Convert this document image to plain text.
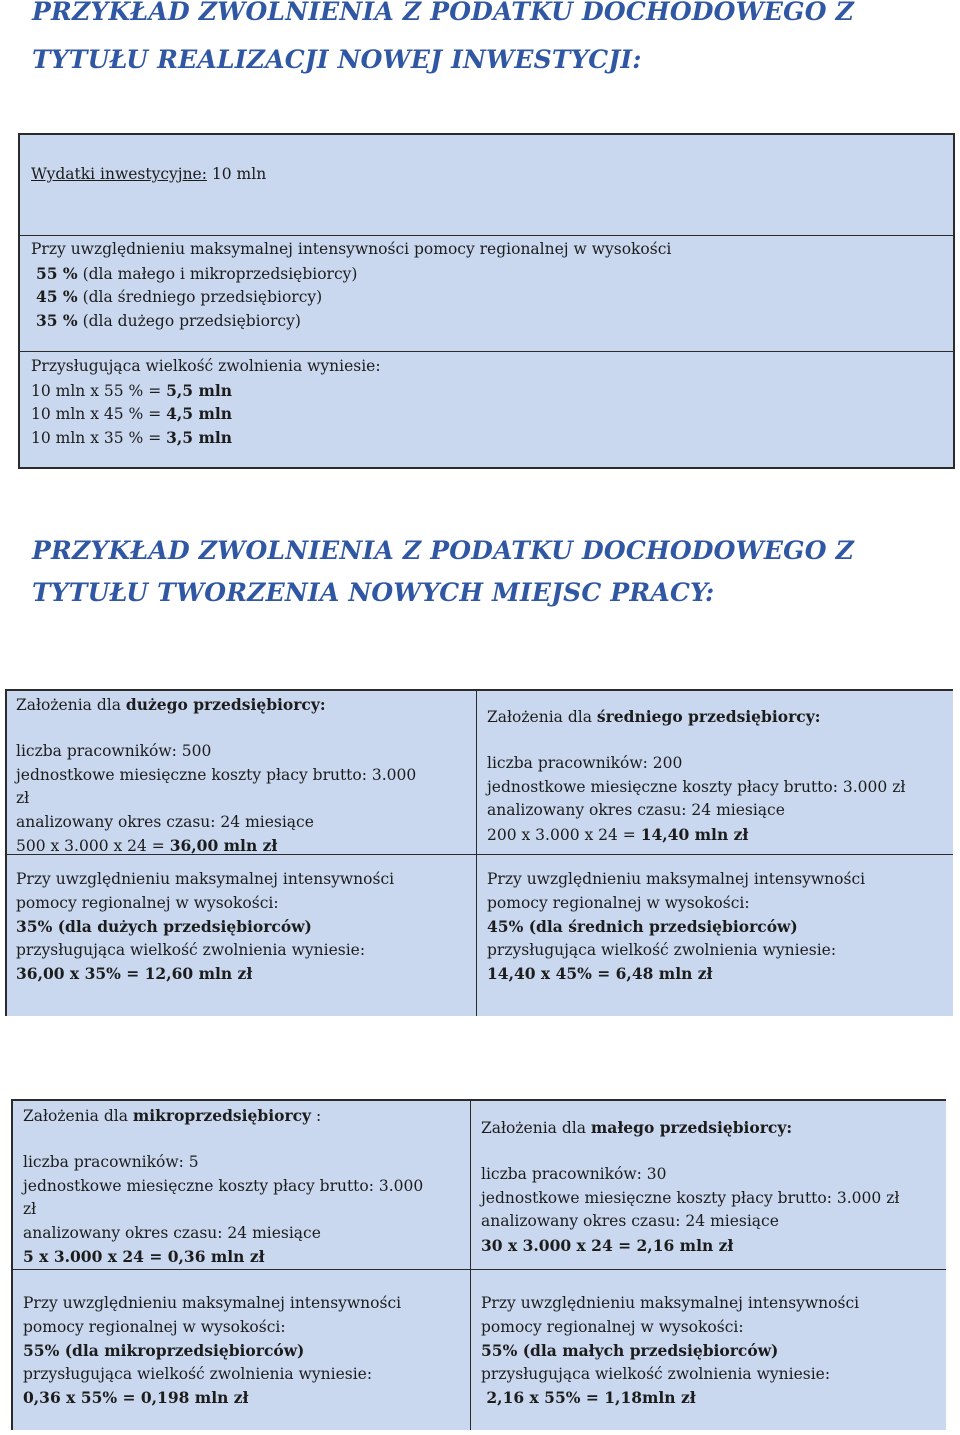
PRZYKŁAD ZWOLNIENIA Z PODATKU DOCHODOWEGO Z
TYTUŁU REALIZACJI NOWEJ INWESTYCJI:
Wydatki inwestycyjne: 10 mln
Przy uwzględnieniu maksymalnej intensywności pomocy regionalnej w wysokości
55 % (dla małego i mikroprzedsiębiorcy)
45 % (dla średniego przedsiębiorcy)
35 % (dla dużego przedsiębiorcy)
Przysługująca wielkość zwolnienia wyniesie:
10 mln x 55 % = 5,5 mln
10 mln x 45 % = 4,5 mln
10 mln x 35 % = 3,5 mln
PRZYKŁAD ZWOLNIENIA Z PODATKU DOCHODOWEGO Z
TYTUŁU TWORZENIA NOWYCH MIEJSC PRACY:
Założenia dla dużego przedsiębiorcy:
liczba pracowników: 500
jednostkowe miesięczne koszty płacy brutto: 3.000
zł
analizowany okres czasu: 24 miesiące
500 x 3.000 x 24 = 36,00 mln zł
Przy uwzględnieniu maksymalnej intensywności
pomocy regionalnej w wysokości:
35% (dla dużych przedsiębiorców)
przysługująca wielkość zwolnienia wyniesie:
36,00 x 35% = 12,60 mln zł
Założenia dla średniego przedsiębiorcy:
liczba pracowników: 200
jednostkowe miesięczne koszty płacy brutto: 3.000 zł
analizowany okres czasu: 24 miesiące
200 x 3.000 x 24 = 14,40 mln zł
Przy uwzględnieniu maksymalnej intensywności
pomocy regionalnej w wysokości:
45% (dla średnich przedsiębiorców)
przysługująca wielkość zwolnienia wyniesie:
14,40 x 45% = 6,48 mln zł
Założenia dla mikroprzedsiębiorcy :
liczba pracowników: 5
jednostkowe miesięczne koszty płacy brutto: 3.000
zł
analizowany okres czasu: 24 miesiące
5 x 3.000 x 24 = 0,36 mln zł
Przy uwzględnieniu maksymalnej intensywności
pomocy regionalnej w wysokości:
55% (dla mikroprzedsiębiorców)
przysługująca wielkość zwolnienia wyniesie:
0,36 x 55% = 0,198 mln zł
Założenia dla małego przedsiębiorcy:
liczba pracowników: 30
jednostkowe miesięczne koszty płacy brutto: 3.000 zł
analizowany okres czasu: 24 miesiące
30 x 3.000 x 24 = 2,16 mln zł
Przy uwzględnieniu maksymalnej intensywności
pomocy regionalnej w wysokości:
55% (dla małych przedsiębiorców)
przysługująca wielkość zwolnienia wyniesie:
2,16 x 55% = 1,18mln zł
